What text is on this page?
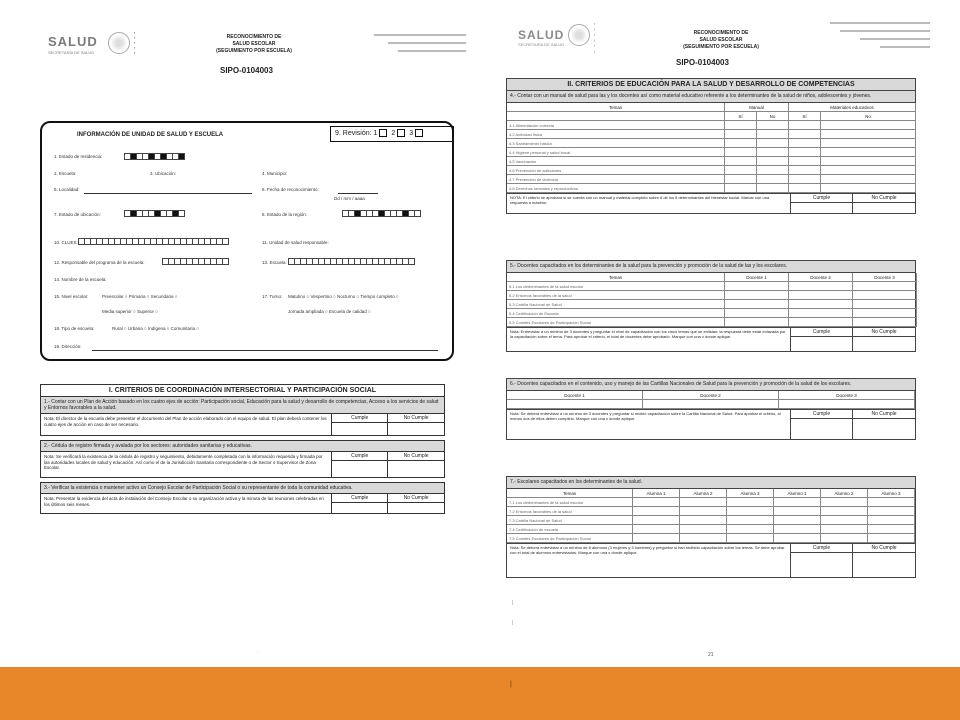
SALUD
SECRETARÍA DE SALUD
▪
▪
▪
▪
▪
RECONOCIMIENTO DE
SALUD ESCOLAR
(SEGUIMIENTO POR ESCUELA)
SIPO-0104003
INFORMACIÓN DE UNIDAD DE SALUD Y ESCUELA	9. Revisión: 1 2 3
1. Estado de residencia:
2. Escuela:	3. Ubicación:	4. Municipio:
5. Localidad:	6. Fecha de reconocimiento:
Dd / mm / aaaa
7. Estado de ubicación:	8. Estado de la región:
10. CLUES:	11. Unidad de salud responsable:
12. Responsable del programa de la escuela:	13. Escuela:
14. Nombre de la escuela:
15. Nivel escolar:	Preescolar ○ Primaria ○ Secundaria ○
Media superior ○ Superior ○
17. Turno: Matutino ○ Vespertino ○ Nocturno ○ Tiempo completo ○
Jornada ampliada ○ Escuela de calidad ○
18. Tipo de escuela:	Rural ○ Urbana ○ Indígena ○ Comunitaria ○
19. Dirección:
I. CRITERIOS DE COORDINACIÓN INTERSECTORIAL Y PARTICIPACIÓN SOCIAL
1.- Contar con un Plan de Acción basado en los cuatro ejes de acción: Participación social, Educación para la salud y desarrollo de competencias, Acceso a los servicios de salud y Entornos favorables a la salud.
Nota: El director de la escuela debe presentar el documento del Plan de acción elaborado con el equipo de salud. El plan deberá contener los cuatro ejes de acción en caso de ser necesario.
Cumple	No Cumple
2.- Cédula de registro firmada y avalada por los sectores: autoridades sanitarias y educativas.
Nota: Se verificará la existencia de la cédula de registro y seguimiento, debidamente completada con la información requerida y firmada por las autoridades locales de salud y educación. Así como el de la Jurisdicción Sanitaria correspondiente o de Sector o Supervisor de Zona Escolar.
Cumple	No Cumple
3.- Verificar la existencia o mantener activo un Consejo Escolar de Participación Social o su representante de toda la comunidad educativa.
Nota: Presentar la evidencia del acta de instalación del Consejo Escolar o su organización activa y la minuta de las reuniones celebradas en los últimos seis meses.
Cumple	No Cumple
.
SALUD
SECRETARÍA DE SALUD
▪
▪
▪
▪
▪
▪
RECONOCIMIENTO DE
SALUD ESCOLAR
(SEGUIMIENTO POR ESCUELA)
SIPO-0104003
II. CRITERIOS DE EDUCACIÓN PARA LA SALUD Y DESARROLLO DE COMPETENCIAS
4.- Contar con un manual de salud para las y los docentes así como material educativo referente a los determinantes de la salud de niños, adolescentes y jóvenes.
Temas	Manual	Materiales educativos
Sí	No	Sí	No
4.1 Alimentación correcta
4.2 Actividad física
4.3 Saneamiento básico
4.4 Higiene personal y salud bucal
4.5 Vacunación
4.6 Prevención de adicciones
4.7 Prevención de violencia
4.8 Derechos sexuales y reproductivos
NOTA: El criterio se aprobará si se cuenta con un manual y material completo sobre 6 de los 8 determinantes del bienestar social. Marcar con una respuesta a máximo.
Cumple	No Cumple
5.- Docentes capacitados en los determinantes de la salud para la prevención y promoción de la salud de las y los escolares.
Temas	Docente 1	Docente 2	Docente 3
5.1 Los determinantes de la salud escolar
5.2 Entornos favorables de la salud
5.3 Cartilla Nacional de Salud
5.4 Certificación de Escuela
5.5 Comités Escolares de Participación Social
Nota: Entrevistar a un mínimo de 3 docentes y preguntar el nivel de capacitación con los cinco temas que se enlistan; la respuesta debe estar enlazada por la capacitación sobre el tema. Para aprobar el criterio, el total de docentes debe aprobarlo. Marque con una x donde aplique.
Cumple	No Cumple
6.- Docentes capacitados en el contenido, uso y manejo de las Cartillas Nacionales de Salud para la prevención y promoción de la salud de los escolares.
Docente 1	Docente 2	Docente 3
Nota: Se deberá entrevistar a un mínimo de 3 docentes y preguntar si recibió capacitación sobre la Cartilla Nacional de Salud. Para aprobar el criterio, al menos dos de ellos deben cumplirlo. Marque con una x donde aplique.
Cumple	No Cumple
7.- Escolares capacitados en los determinantes de la salud.
Temas	Alumna 1	Alumna 2	Alumna 3	Alumno 1	Alumno 2	Alumno 3
7.1 Los determinantes de la salud escolar
7.2 Entornos favorables de la salud
7.3 Cartilla Nacional de Salud
7.4 Certificación de escuela
7.5 Comités Escolares de Participación Social
Nota: Se deberá entrevistar a un mínimo de 6 alumnos (3 mujeres y 3 hombres) y preguntar si han recibido capacitación sobre los temas. Se debe aprobar con el total de alumnos entrevistados. Marque con una x donde aplique.
Cumple	No Cumple
|
|
21
|
